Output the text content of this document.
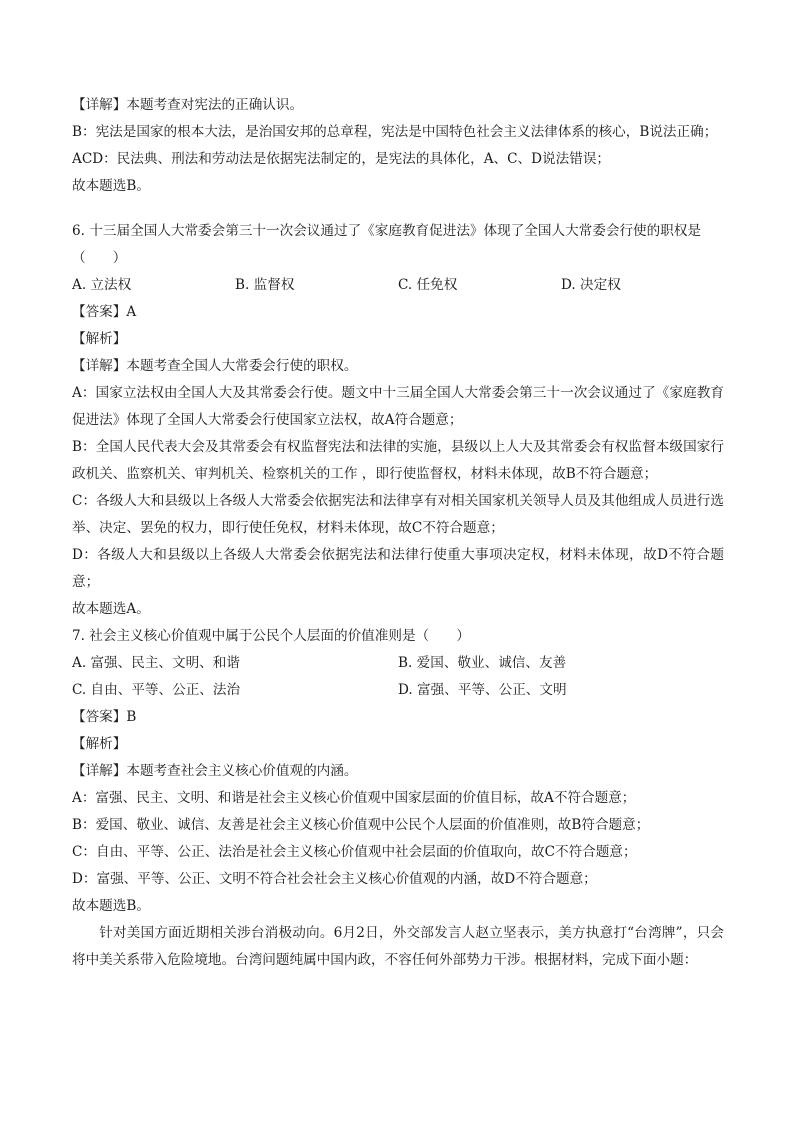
【详解】本题考查对宪法的正确认识。
B：宪法是国家的根本大法，是治国安邦的总章程，宪法是中国特色社会主义法律体系的核心，B说法正确；
ACD：民法典、刑法和劳动法是依据宪法制定的，是宪法的具体化，A、C、D说法错误；
故本题选B。
6. 十三届全国人大常委会第三十一次会议通过了《家庭教育促进法》体现了全国人大常委会行使的职权是
（　　）
A. 立法权	B. 监督权	C. 任免权	D. 决定权
【答案】A
【解析】
【详解】本题考查全国人大常委会行使的职权。
A：国家立法权由全国人大及其常委会行使。题文中十三届全国人大常委会第三十一次会议通过了《家庭教育促进法》体现了全国人大常委会行使国家立法权，故A符合题意；
B：全国人民代表大会及其常委会有权监督宪法和法律的实施，县级以上人大及其常委会有权监督本级国家行政机关、监察机关、审判机关、检察机关的工作 ，即行使监督权，材料未体现，故B不符合题意；
C：各级人大和县级以上各级人大常委会依据宪法和法律享有对相关国家机关领导人员及其他组成人员进行选举、决定、罢免的权力，即行使任免权，材料未体现，故C不符合题意；
D：各级人大和县级以上各级人大常委会依据宪法和法律行使重大事项决定权，材料未体现，故D不符合题意；
故本题选A。
7. 社会主义核心价值观中属于公民个人层面的价值准则是（　　）
A. 富强、民主、文明、和谐	B. 爱国、敬业、诚信、友善
C. 自由、平等、公正、法治	D. 富强、平等、公正、文明
【答案】B
【解析】
【详解】本题考查社会主义核心价值观的内涵。
A：富强、民主、文明、和谐是社会主义核心价值观中国家层面的价值目标，故A不符合题意；
B：爱国、敬业、诚信、友善是社会主义核心价值观中公民个人层面的价值准则，故B符合题意；
C：自由、平等、公正、法治是社会主义核心价值观中社会层面的价值取向，故C不符合题意；
D：富强、平等、公正、文明不符合社会社会主义核心价值观的内涵，故D不符合题意；
故本题选B。
针对美国方面近期相关涉台消极动向。6月2日，外交部发言人赵立坚表示，美方执意打“台湾牌”，只会将中美关系带入危险境地。台湾问题纯属中国内政，不容任何外部势力干涉。根据材料，完成下面小题：
